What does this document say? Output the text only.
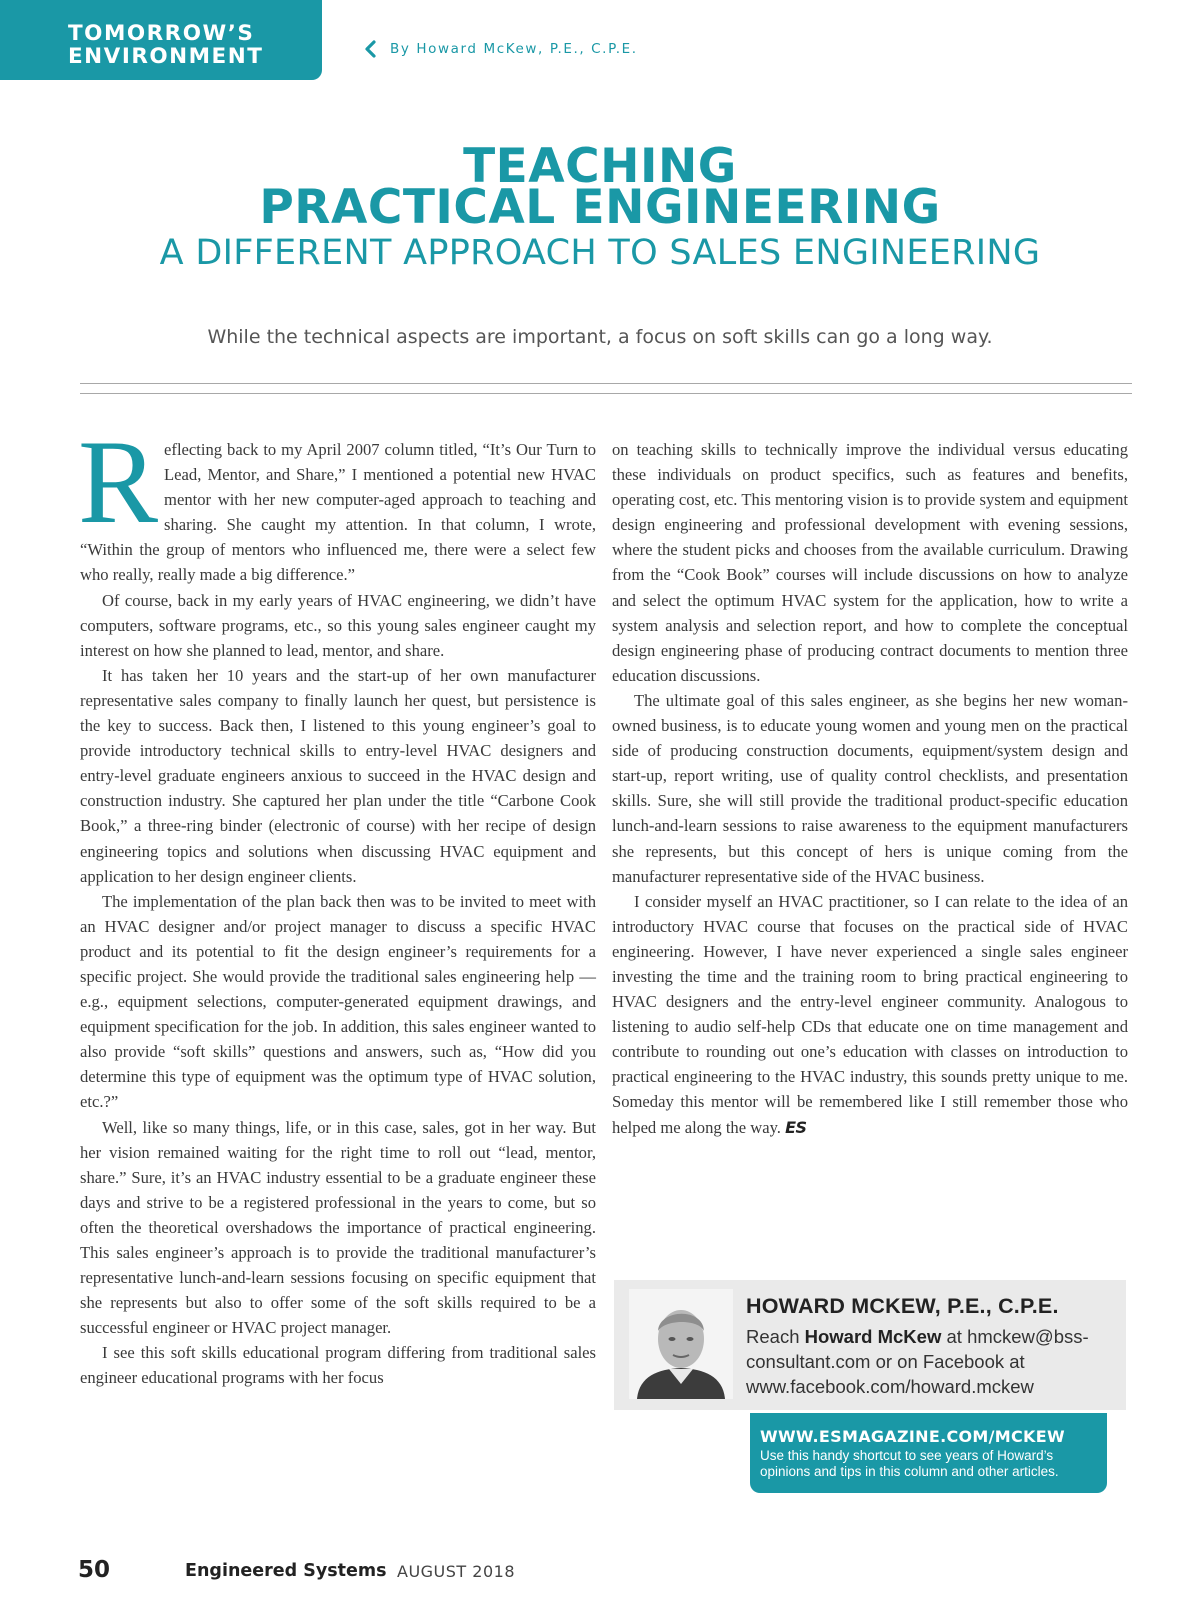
TOMORROW’S
ENVIRONMENT	By Howard McKew, P.E., C.P.E.
TEACHING
PRACTICAL ENGINEERING
A DIFFERENT APPROACH TO SALES ENGINEERING
While the technical aspects are important, a focus on soft skills can go a long way.

Reflecting back to my April 2007 column titled, “It’s Our Turn to Lead, Mentor, and Share,” I mentioned a potential new HVAC mentor with her new computer-aged approach to teaching and sharing. She caught my attention. In that column, I wrote, “Within the group of mentors who influenced me, there were a select few who really, really made a big difference.”

Of course, back in my early years of HVAC engineering, we didn’t have computers, software programs, etc., so this young sales engineer caught my interest on how she planned to lead, mentor, and share.

It has taken her 10 years and the start-up of her own manufacturer representative sales company to finally launch her quest, but persistence is the key to success. Back then, I listened to this young engineer’s goal to provide introductory technical skills to entry-level HVAC designers and entry-level graduate engineers anxious to succeed in the HVAC design and construction industry. She captured her plan under the title “Carbone Cook Book,” a three-ring binder (electronic of course) with her recipe of design engineering topics and solutions when discussing HVAC equipment and application to her design engineer clients.

The implementation of the plan back then was to be invited to meet with an HVAC designer and/or project manager to discuss a specific HVAC product and its potential to fit the design engineer’s requirements for a specific project. She would provide the traditional sales engineering help — e.g., equipment selections, computer-generated equipment drawings, and equipment specification for the job. In addition, this sales engineer wanted to also provide “soft skills” questions and answers, such as, “How did you determine this type of equipment was the optimum type of HVAC solution, etc.?”

Well, like so many things, life, or in this case, sales, got in her way. But her vision remained waiting for the right time to roll out “lead, mentor, share.” Sure, it’s an HVAC industry essential to be a graduate engineer these days and strive to be a registered professional in the years to come, but so often the theoretical overshadows the importance of practical engineering. This sales engineer’s approach is to provide the traditional manufacturer’s representative lunch-and-learn sessions focusing on specific equipment that she represents but also to offer some of the soft skills required to be a successful engineer or HVAC project manager.

I see this soft skills educational program differing from traditional sales engineer educational programs with her focus

on teaching skills to technically improve the individual versus educating these individuals on product specifics, such as features and benefits, operating cost, etc. This mentoring vision is to provide system and equipment design engineering and professional development with evening sessions, where the student picks and chooses from the available curriculum. Drawing from the “Cook Book” courses will include discussions on how to analyze and select the optimum HVAC system for the application, how to write a system analysis and selection report, and how to complete the conceptual design engineering phase of producing contract documents to mention three education discussions.

The ultimate goal of this sales engineer, as she begins her new woman-owned business, is to educate young women and young men on the practical side of producing construction documents, equipment/system design and start-up, report writing, use of quality control checklists, and presentation skills. Sure, she will still provide the traditional product-specific education lunch-and-learn sessions to raise awareness to the equipment manufacturers she represents, but this concept of hers is unique coming from the manufacturer representative side of the HVAC business.

I consider myself an HVAC practitioner, so I can relate to the idea of an introductory HVAC course that focuses on the practical side of HVAC engineering. However, I have never experienced a single sales engineer investing the time and the training room to bring practical engineering to HVAC designers and the entry-level engineer community. Analogous to listening to audio self-help CDs that educate one on time management and contribute to rounding out one’s education with classes on introduction to practical engineering to the HVAC industry, this sounds pretty unique to me. Someday this mentor will be remembered like I still remember those who helped me along the way. ES

HOWARD MCKEW, P.E., C.P.E.
Reach Howard McKew at hmckew@bss-consultant.com or on Facebook at www.facebook.com/howard.mckew
WWW.ESMAGAZINE.COM/MCKEW
Use this handy shortcut to see years of Howard’s opinions and tips in this column and other articles.
50	Engineered Systems AUGUST 2018
